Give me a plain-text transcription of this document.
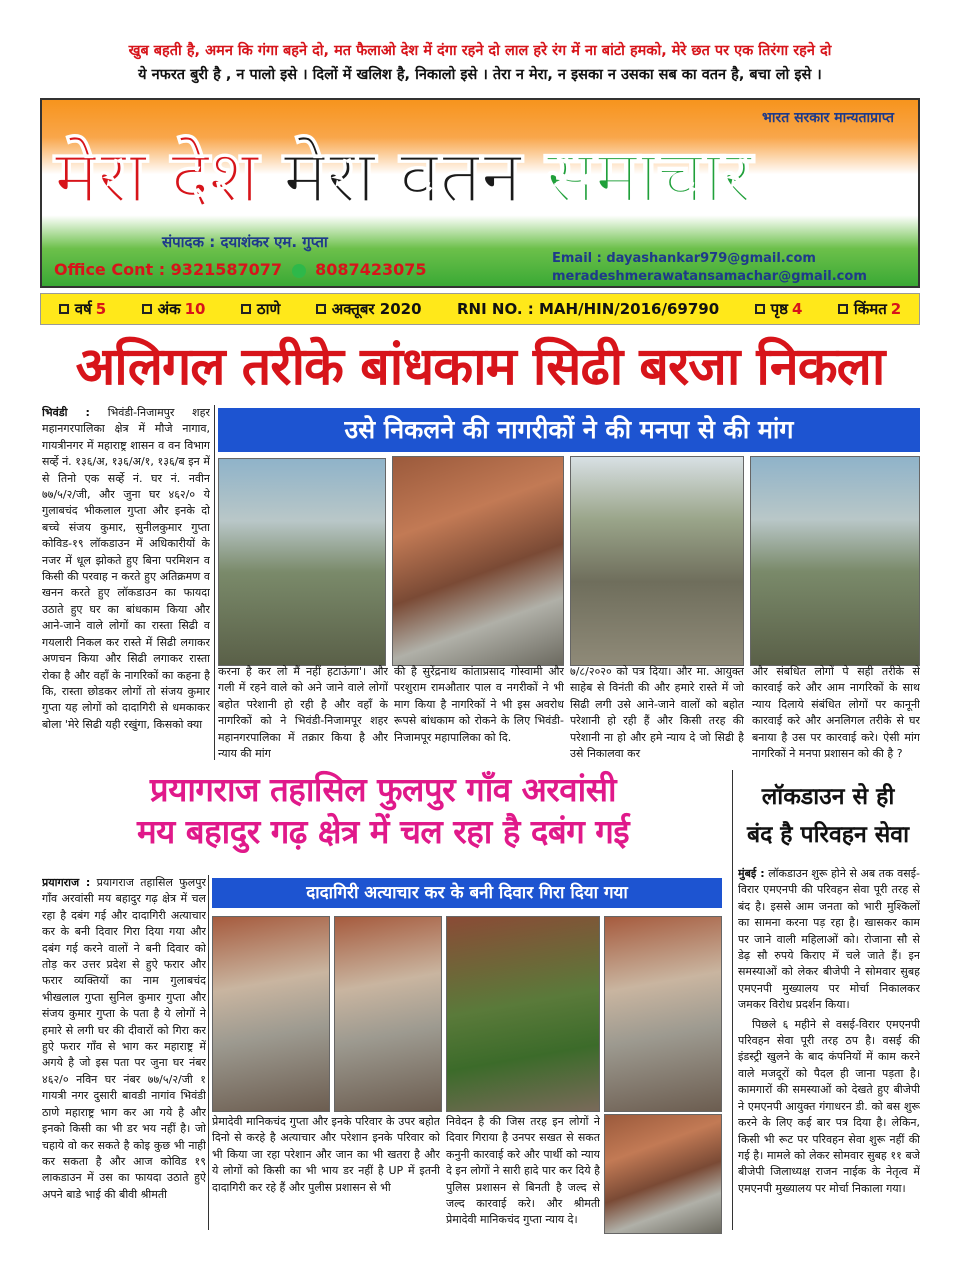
खुब बहती है, अमन कि गंगा बहने दो, मत फैलाओ देश में दंगा रहने दो लाल हरे रंग में ना बांटो हमको, मेरे छत पर एक तिरंगा रहने दो
ये नफरत बुरी है , न पालो इसे । दिलों में खलिश है, निकालो इसे । तेरा न मेरा, न इसका न उसका सब का वतन है, बचा लो इसे ।
भारत सरकार मान्यताप्राप्त
मेरा देश मेरा वतन समाचार
संपादक : दयाशंकर एम. गुप्ता
Office Cont : 9321587077 8087423075
Email : dayashankar979@gmail.com
meradeshmerawatansamachar@gmail.com
वर्ष 5	अंक 10	ठाणे	अक्तूबर 2020 RNI NO. : MAH/HIN/2016/69790	पृष्ठ 4	किंमत 2
अलिगल तरीके बांधकाम सिढी बरजा निकला
उसे निकलने की नागरीकों ने की मनपा से की मांग
भिवंडी : भिवंडी-निजामपुर शहर महानगरपालिका क्षेत्र में मौजे नागाव, गायत्रीनगर में महाराष्ट्र शासन व वन विभाग सर्व्हे नं. १३६/अ, १३६/अ/१, १३६/ब इन में से तिनो एक सर्व्हे नं. घर नं. नवीन ७७/५/२/जी, और जुना घर ४६२/० ये गुलाबचंद भीकलाल गुप्ता और इनके दो बच्चे संजय कुमार, सुनीलकुमार गुप्ता कोविड-१९ लॉकडाउन में अधिकारीयों के नजर में धूल झोकते हुए बिना परमिशन व किसी की परवाह न करते हुए अतिक्रमण व खनन करते हुए लॉकडाउन का फायदा उठाते हुए घर का बांधकाम किया और आने-जाने वाले लोगों का रास्ता सिढी व गयलारी निकल कर रास्ते में सिढी लगाकर अणचन किया और सिढी लगाकर रास्ता रोका है और वहाँ के नागरिकों का कहना है कि, रास्ता छोडकर लोगों तो संजय कुमार गुप्ता यह लोगों को दादागिरी से धमकाकर बोला 'मेरे सिढी यही रखुंगा, किसको क्या
करना है कर लो मैं नहीं हटाऊंगा'। और गली में रहने वाले को अने जाने वाले लोगों बहोत परेशानी हो रही है और वहाँ के नागरिकों को ने भिवंडी-निजामपूर शहर महानगरपालिका में तक्रार किया है और न्याय की मांग
की है सुरेंद्रनाथ कांताप्रसाद गोस्वामी और परशुराम रामऔतार पाल व नगरीकों ने भी माग किया है नागरिकों ने भी इस अवरोध रूपसे बांधकाम को रोकने के लिए भिवंडी-निजामपूर महापालिका को दि.
७/८/२०२० को पत्र दिया। और मा. आयुक्त साहेब से विनंती की और हमारे रास्ते में जो सिढी लगी उसे आने-जाने वालों को बहोत परेशानी हो रही हैं और किसी तरह की परेशानी ना हो और हमे न्याय दे जो सिढी है उसे निकालवा कर
और संबधित लोगों पे सही तरीके से कारवाई करे और आम नागरिकों के साथ न्याय दिलाये संबंधित लोगों पर कानूनी कारवाई करे और अनलिगल तरीके से घर बनाया है उस पर कारवाई करे। ऐसी मांग नागरिकों ने मनपा प्रशासन को की है ?
प्रयागराज तहासिल फुलपुर गाँव अरवांसी
मय बहादुर गढ़ क्षेत्र में चल रहा है दबंग गई
दादागिरी अत्याचार कर के बनी दिवार गिरा दिया गया
प्रयागराज : प्रयागराज तहासिल फुलपुर गाँव अरवांसी मय बहादुर गढ़ क्षेत्र में चल रहा है दबंग गई और दादागिरी अत्याचार कर के बनी दिवार गिरा दिया गया और दबंग गई करने वालों ने बनी दिवार को तोड़ कर उत्तर प्रदेश से हुऐ फरार और फरार व्यक्तियों का नाम गुलाबचंद भीखलाल गुप्ता सुनिल कुमार गुप्ता और संजय कुमार गुप्ता के पता है ये लोगों ने हमारे से लगी घर की दीवारों को गिरा कर हुऐ फरार गाँव से भाग कर महाराष्ट्र में अगये है जो इस पता पर जुना घर नंबर ४६२/० नविन घर नंबर ७७/५/२/जी १ गायत्री नगर दुसारी बावडी नागांव भिवंडी ठाणे महाराष्ट्र भाग कर आ गये है और इनको किसी का भी डर भय नहीं है। जो चहाये वो कर सकते है कोइ कुछ भी नाही कर सकता है और आज कोविड १९ लाकडाउन में उस का फायदा उठाते हुऐ अपने बाडे भाई की बीवी श्रीमती
प्रेमादेवी मानिकचंद गुप्ता और इनके परिवार के उपर बहोत दिनो से करहे है अत्याचार और परेशान इनके परिवार को भी किया जा रहा परेशान और जान का भी खतरा है और ये लोगों को किसी का भी भाय डर नहीं है UP में इतनी दादागिरी कर रहे हैं और पुलीस प्रशासन से भी
निवेदन है की जिस तरह इन लोगों ने दिवार गिराया है उनपर सखत से सकत कनुनी कारवाई करे और पार्थी को न्याय दे इन लोगों ने सारी हादे पार कर दिये है पुलिस प्रशासन से बिनती है जल्द से जल्द कारवाई करे। और श्रीमती प्रेमादेवी मानिकचंद गुप्ता न्याय दे।
लॉकडाउन से ही
बंद है परिवहन सेवा
मुंबई : लॉकडाउन शुरू होने से अब तक वसई-विरार एमएनपी की परिवहन सेवा पूरी तरह से बंद है। इससे आम जनता को भारी मुश्किलों का सामना करना पड़ रहा है। खासकर काम पर जाने वाली महिलाओं को। रोजाना सौ से डेढ़ सौ रुपये किराए में चले जाते हैं। इन समस्याओं को लेकर बीजेपी ने सोमवार सुबह एमएनपी मुख्यालय पर मोर्चा निकालकर जमकर विरोध प्रदर्शन किया।
पिछले ६ महीने से वसई-विरार एमएनपी परिवहन सेवा पूरी तरह ठप है। वसई की इंडस्ट्री खुलने के बाद कंपनियों में काम करने वाले मजदूरों को पैदल ही जाना पड़ता है। कामगारों की समस्याओं को देखते हुए बीजेपी ने एमएनपी आयुक्त गंगाधरन डी. को बस शुरू करने के लिए कई बार पत्र दिया है। लेकिन, किसी भी रूट पर परिवहन सेवा शुरू नहीं की गई है। मामले को लेकर सोमवार सुबह ११ बजे बीजेपी जिलाध्यक्ष राजन नाईक के नेतृत्व में एमएनपी मुख्यालय पर मोर्चा निकाला गया।
